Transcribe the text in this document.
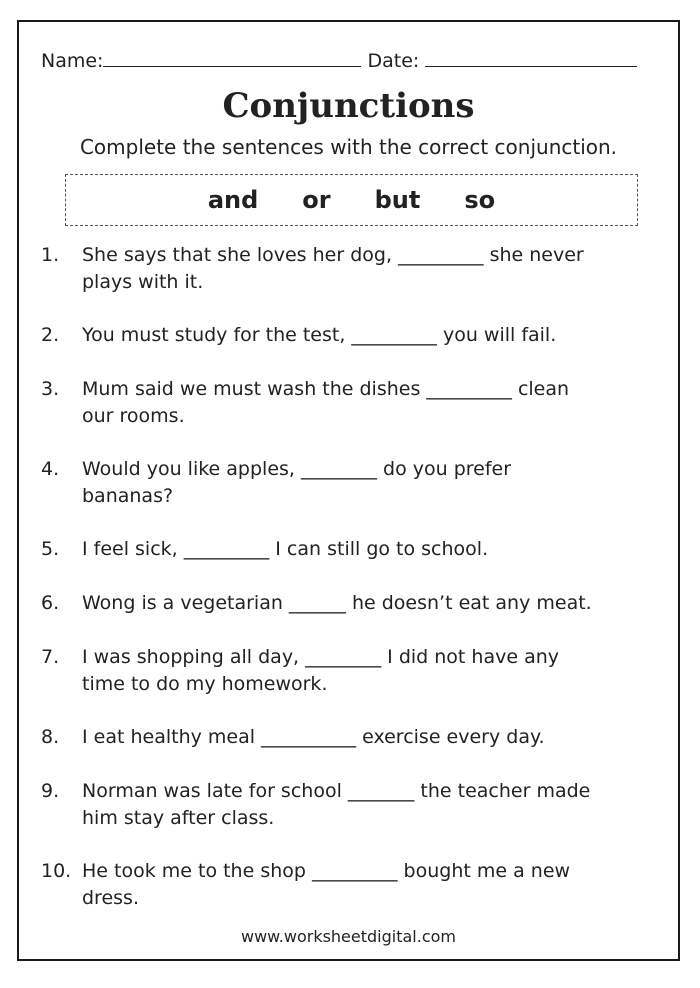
Name:	Date:
Conjunctions
Complete the sentences with the correct conjunction.
and or but so
1.	She says that she loves her dog, _________ she never
plays with it.
2.	You must study for the test, _________ you will fail.
3.	Mum said we must wash the dishes _________ clean
our rooms.
4.	Would you like apples, ________ do you prefer
bananas?
5.	I feel sick, _________ I can still go to school.
6.	Wong is a vegetarian ______ he doesn’t eat any meat.
7.	I was shopping all day, ________ I did not have any
time to do my homework.
8.	I eat healthy meal __________ exercise every day.
9.	Norman was late for school _______ the teacher made
him stay after class.
10. He took me to the shop _________ bought me a new
dress.
www.worksheetdigital.com
